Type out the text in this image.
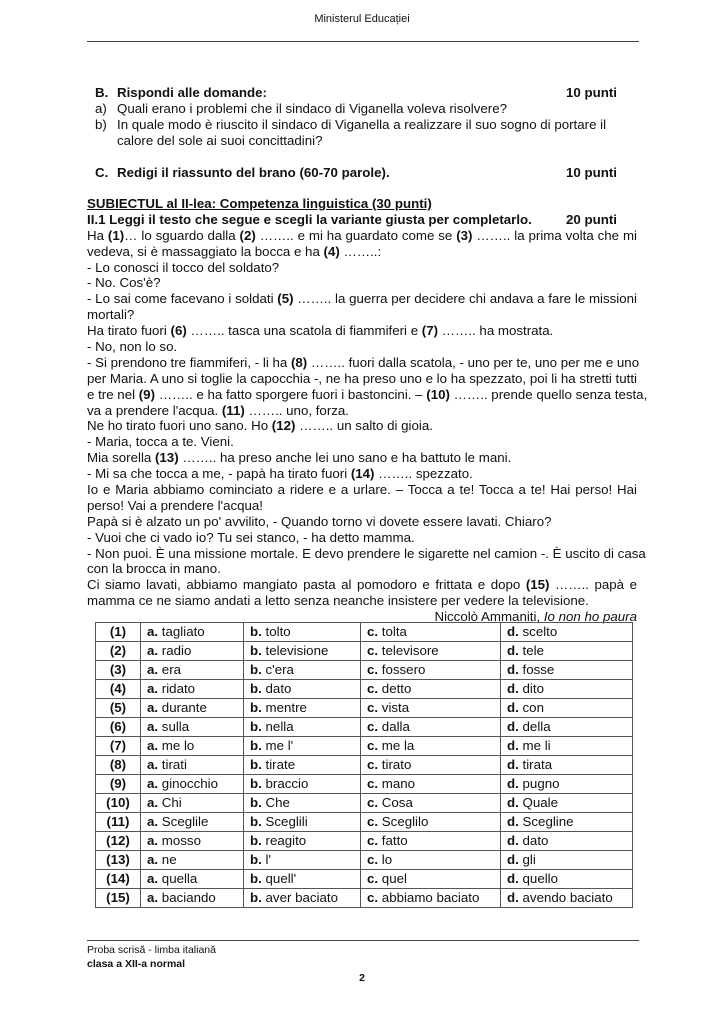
Ministerul Educației
B. Rispondi alle domande:	10 punti
a) Quali erano i problemi che il sindaco di Viganella voleva risolvere?
b) In quale modo è riuscito il sindaco di Viganella a realizzare il suo sogno di portare il
calore del sole ai suoi concittadini?
C. Redigi il riassunto del brano (60-70 parole).	10 punti
SUBIECTUL al II-lea: Competenza linguistica (30 punti)
II.1 Leggi il testo che segue e scegli la variante giusta per completarlo.	20 punti
Ha (1)… lo sguardo dalla (2) …….. e mi ha guardato come se (3) …….. la prima volta che mi
vedeva, si è massaggiato la bocca e ha (4) ……..:
- Lo conosci il tocco del soldato?
- No. Cos'è?
- Lo sai come facevano i soldati (5) …….. la guerra per decidere chi andava a fare le missioni
mortali?
Ha tirato fuori (6) …….. tasca una scatola di fiammiferi e (7) …….. ha mostrata.
- No, non lo so.
- Si prendono tre fiammiferi, - li ha (8) …….. fuori dalla scatola, - uno per te, uno per me e uno
per Maria. A uno si toglie la capocchia -, ne ha preso uno e lo ha spezzato, poi li ha stretti tutti
e tre nel (9) …….. e ha fatto sporgere fuori i bastoncini. – (10) …….. prende quello senza testa,
va a prendere l'acqua. (11) …….. uno, forza.
Ne ho tirato fuori uno sano. Ho (12) …….. un salto di gioia.
- Maria, tocca a te. Vieni.
Mia sorella (13) …….. ha preso anche lei uno sano e ha battuto le mani.
- Mi sa che tocca a me, - papà ha tirato fuori (14) …….. spezzato.
Io e Maria abbiamo cominciato a ridere e a urlare. – Tocca a te! Tocca a te! Hai perso! Hai
perso! Vai a prendere l'acqua!
Papà si è alzato un po' avvilito, - Quando torno vi dovete essere lavati. Chiaro?
- Vuoi che ci vado io? Tu sei stanco, - ha detto mamma.
- Non puoi. È una missione mortale. E devo prendere le sigarette nel camion -. È uscito di casa
con la brocca in mano.
Ci siamo lavati, abbiamo mangiato pasta al pomodoro e frittata e dopo (15) …….. papà e
mamma ce ne siamo andati a letto senza neanche insistere per vedere la televisione.
Niccolò Ammaniti, Io non ho paura
(1)	a. tagliato	b. tolto	c. tolta	d. scelto
(2)	a. radio	b. televisione	c. televisore	d. tele
(3)	a. era	b. c'era	c. fossero	d. fosse
(4)	a. ridato	b. dato	c. detto	d. dito
(5)	a. durante	b. mentre	c. vista	d. con
(6)	a. sulla	b. nella	c. dalla	d. della
(7)	a. me lo	b. me l'	c. me la	d. me li
(8)	a. tirati	b. tirate	c. tirato	d. tirata
(9)	a. ginocchio	b. braccio	c. mano	d. pugno
(10)	a. Chi	b. Che	c. Cosa	d. Quale
(11)	a. Sceglile	b. Sceglili	c. Sceglilo	d. Scegline
(12)	a. mosso	b. reagito	c. fatto	d. dato
(13)	a. ne	b. l'	c. lo	d. gli
(14)	a. quella	b. quell'	c. quel	d. quello
(15)	a. baciando	b. aver baciato	c. abbiamo baciato	d. avendo baciato
Proba scrisă - limba italiană
clasa a XII-a normal
2
